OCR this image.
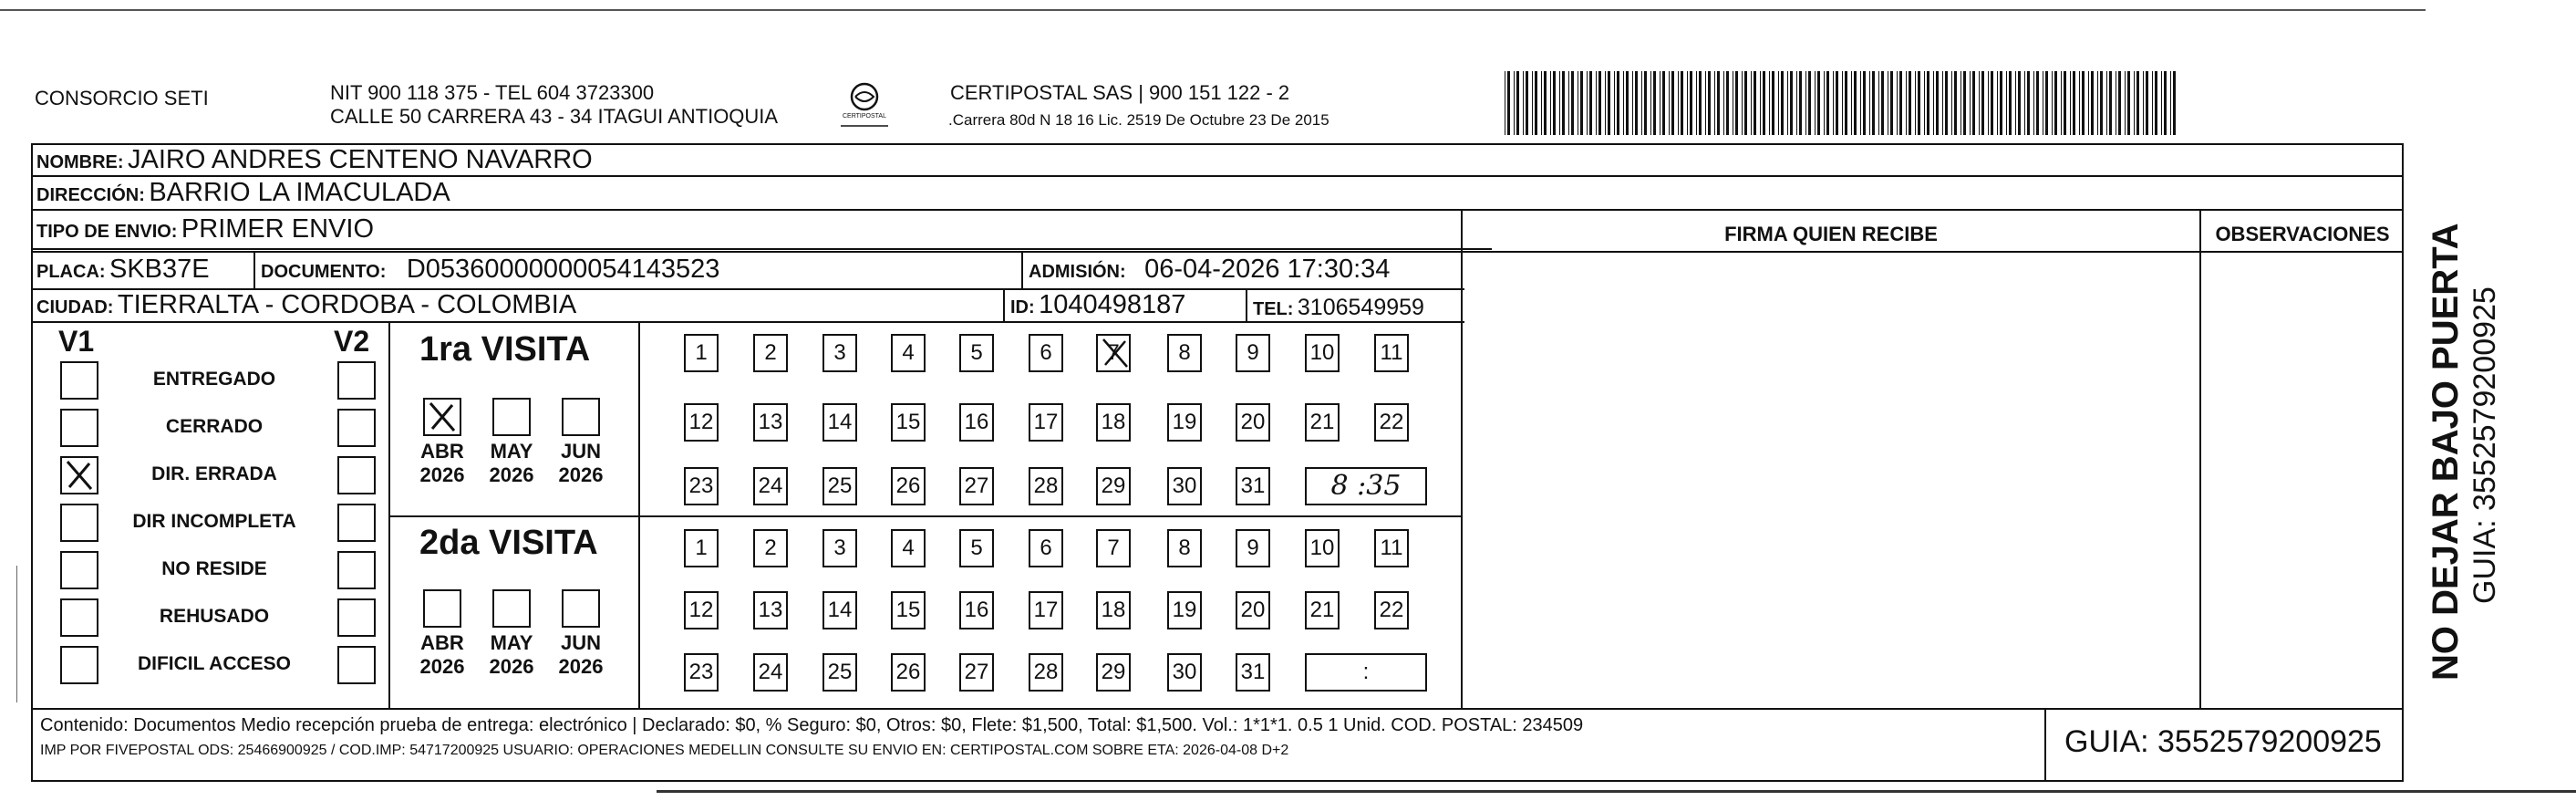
CONSORCIO SETI	NIT 900 118 375 - TEL 604 3723300
CALLE 50 CARRERA 43 - 34 ITAGUI ANTIOQUIA	CERTIPOSTAL
CERTIPOSTAL SAS | 900 151 122 - 2
.Carrera 80d N 18 16 Lic. 2519 De Octubre 23 De 2015
NOMBRE: JAIRO ANDRES CENTENO NAVARRO
DIRECCIÓN: BARRIO LA IMACULADA
TIPO DE ENVIO: PRIMER ENVIO
PLACA: SKB37E	DOCUMENTO: D05360000000054143523	ADMISIÓN: 06-04-2026 17:30:34
CIUDAD: TIERRALTA - CORDOBA - COLOMBIA	ID: 1040498187	TEL: 3106549959
FIRMA QUIEN RECIBE	OBSERVACIONES
V1	V2
ENTREGADO
CERRADO
DIR. ERRADA
DIR INCOMPLETA
NO RESIDE
REHUSADO
DIFICIL ACCESO
1ra VISITA
2da VISITA
ABR
2026
MAY
2026
JUN
2026
ABR
2026
MAY
2026
JUN
2026
1	2	3	4	5	6	7	8	9	10 11
12 13 14 15 16 17 18 19 20 21 22
23 24 25 26 27 28 29 30 31	8 :35
1	2	3	4	5	6	7	8	9	10 11
12 13 14 15 16 17 18 19 20 21 22
23 24 25 26 27 28 29 30 31	:	NO DEJAR BAJO PUERTA GUIA: 3552579200925
Contenido: Documentos Medio recepción prueba de entrega: electrónico | Declarado: $0, % Seguro: $0, Otros: $0, Flete: $1,500, Total: $1,500. Vol.: 1*1*1. 0.5 1 Unid. COD. POSTAL: 234509
IMP POR FIVEPOSTAL ODS: 25466900925 / COD.IMP: 54717200925 USUARIO: OPERACIONES MEDELLIN CONSULTE SU ENVIO EN: CERTIPOSTAL.COM SOBRE ETA: 2026-04-08 D+2	GUIA: 3552579200925
